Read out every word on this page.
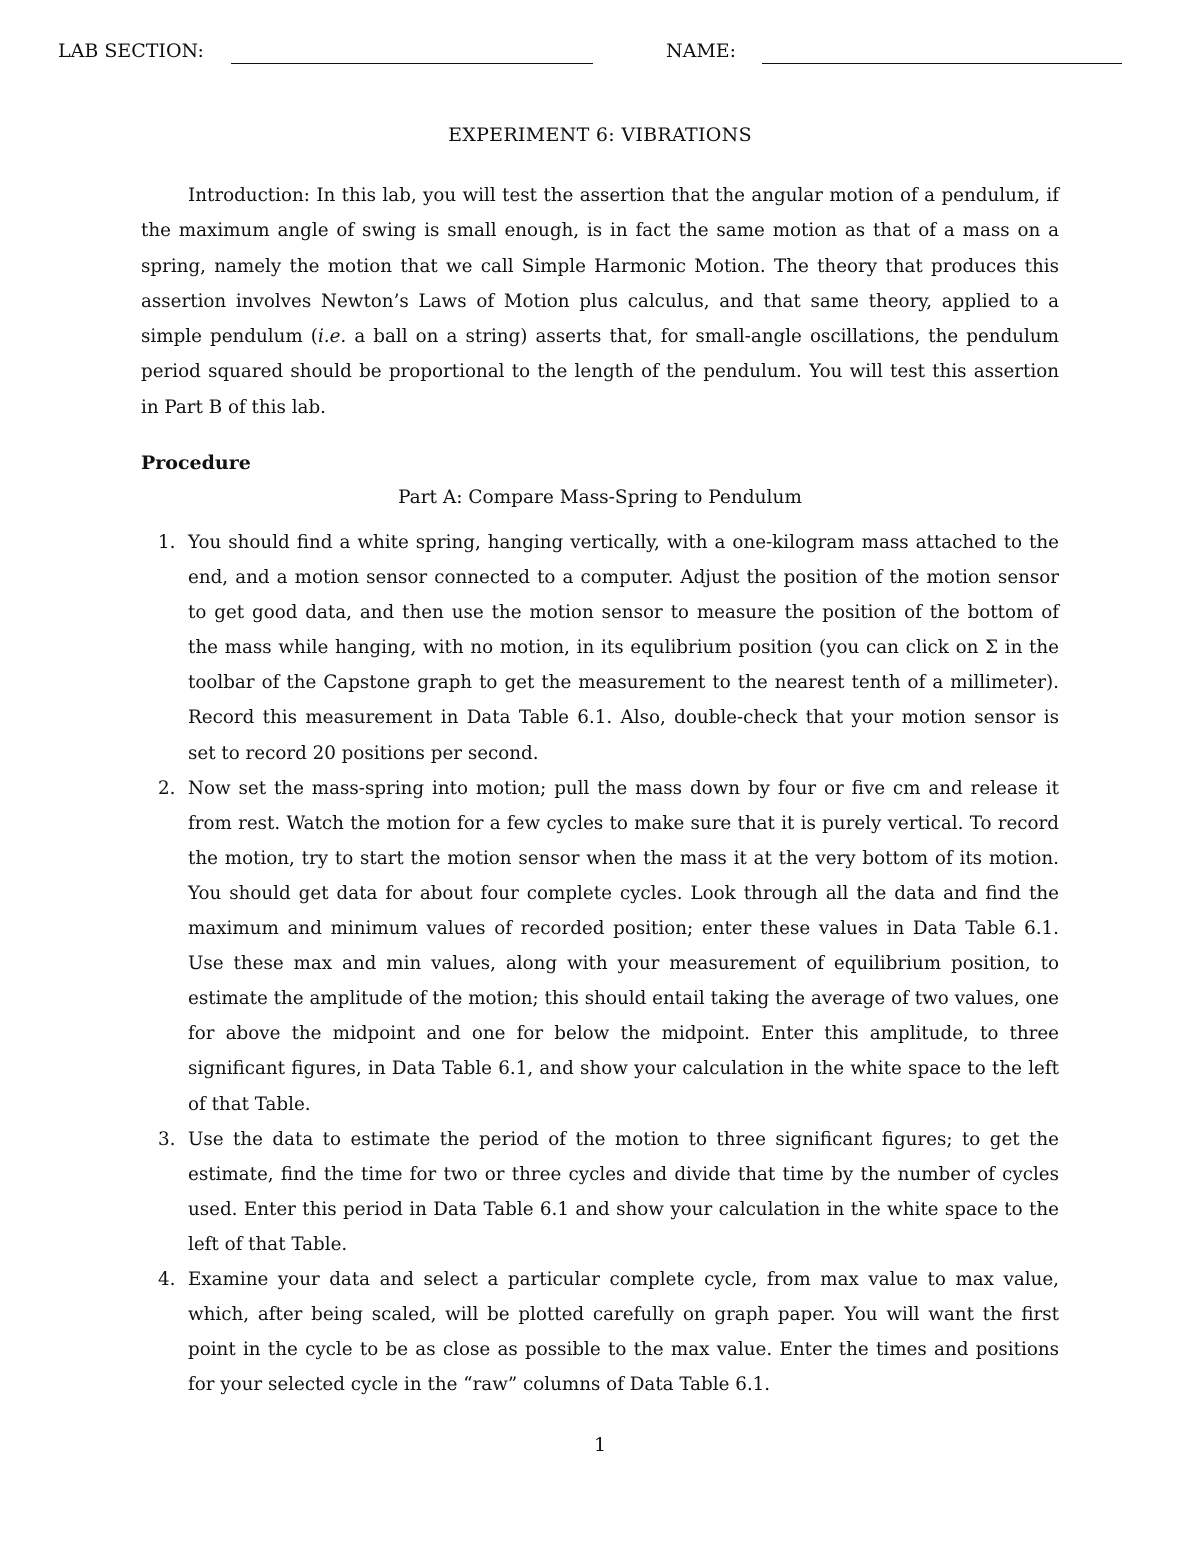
LAB SECTION:	NAME:
EXPERIMENT 6: VIBRATIONS
Introduction: In this lab, you will test the assertion that the angular motion of a pendulum, if the maximum angle of swing is small enough, is in fact the same motion as that of a mass on a spring, namely the motion that we call Simple Harmonic Motion. The theory that produces this assertion involves Newton’s Laws of Motion plus calculus, and that same theory, applied to a simple pendulum (i.e. a ball on a string) asserts that, for small-angle oscillations, the pendulum period squared should be proportional to the length of the pendulum. You will test this assertion in Part B of this lab.
Procedure
Part A: Compare Mass-Spring to Pendulum
1. You should find a white spring, hanging vertically, with a one-kilogram mass attached to the end, and a motion sensor connected to a computer. Adjust the position of the motion sensor to get good data, and then use the motion sensor to measure the position of the bottom of the mass while hanging, with no motion, in its equlibrium position (you can click on Σ in the toolbar of the Capstone graph to get the measurement to the nearest tenth of a millimeter). Record this measurement in Data Table 6.1. Also, double-check that your motion sensor is set to record 20 positions per second.
2. Now set the mass-spring into motion; pull the mass down by four or five cm and release it from rest. Watch the motion for a few cycles to make sure that it is purely vertical. To record the motion, try to start the motion sensor when the mass it at the very bottom of its motion. You should get data for about four complete cycles. Look through all the data and find the maximum and minimum values of recorded position; enter these values in Data Table 6.1. Use these max and min values, along with your measurement of equilibrium position, to estimate the amplitude of the motion; this should entail taking the average of two values, one for above the midpoint and one for below the midpoint. Enter this amplitude, to three significant figures, in Data Table 6.1, and show your calculation in the white space to the left of that Table.
3. Use the data to estimate the period of the motion to three significant figures; to get the estimate, find the time for two or three cycles and divide that time by the number of cycles used. Enter this period in Data Table 6.1 and show your calculation in the white space to the left of that Table.
4. Examine your data and select a particular complete cycle, from max value to max value, which, after being scaled, will be plotted carefully on graph paper. You will want the first point in the cycle to be as close as possible to the max value. Enter the times and positions for your selected cycle in the “raw” columns of Data Table 6.1.
1
